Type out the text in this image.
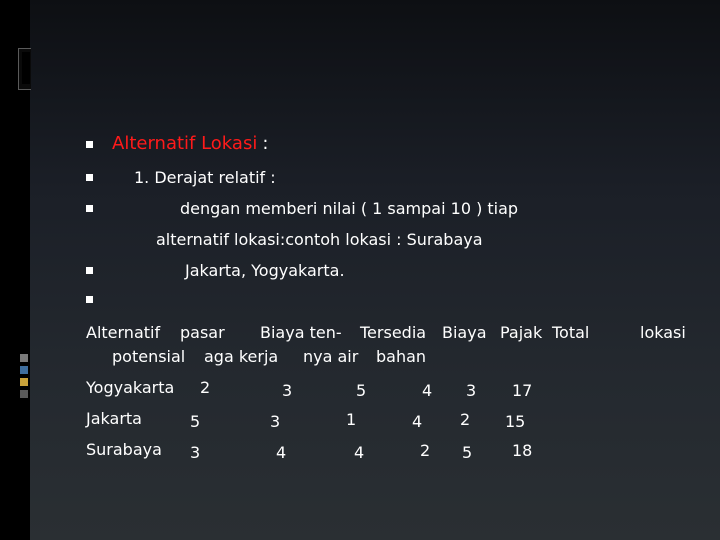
Alternatif Lokasi :
1. Derajat relatif :
dengan memberi nilai ( 1 sampai 10 ) tiap
alternatif lokasi:contoh lokasi : Surabaya
Jakarta, Yogyakarta.
Alternatif pasar Biaya ten- Tersedia Biaya Pajak Total	lokasi
potensial aga kerja nya air bahan
Yogyakarta 2	3	5	4 3 17
Jakarta	5	3	1	4 2 15
Surabaya 3	4	4	2 5 18
